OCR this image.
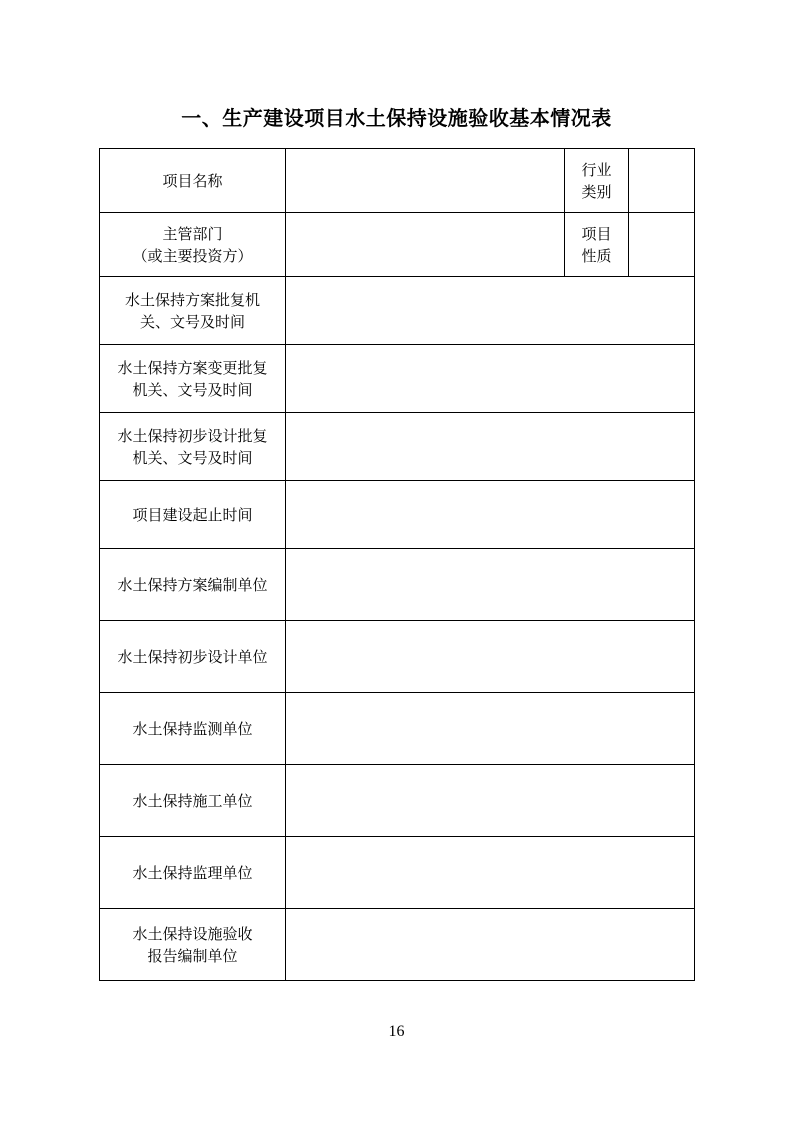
一、生产建设项目水土保持设施验收基本情况表
项目名称		行业
类别	
主管部门
（或主要投资方）		项目
性质	
水土保持方案批复机
关、文号及时间			
水土保持方案变更批复
机关、文号及时间			
水土保持初步设计批复
机关、文号及时间			
项目建设起止时间			
水土保持方案编制单位			
水土保持初步设计单位			
水土保持监测单位			
水土保持施工单位			
水土保持监理单位			
水土保持设施验收
报告编制单位			
16
